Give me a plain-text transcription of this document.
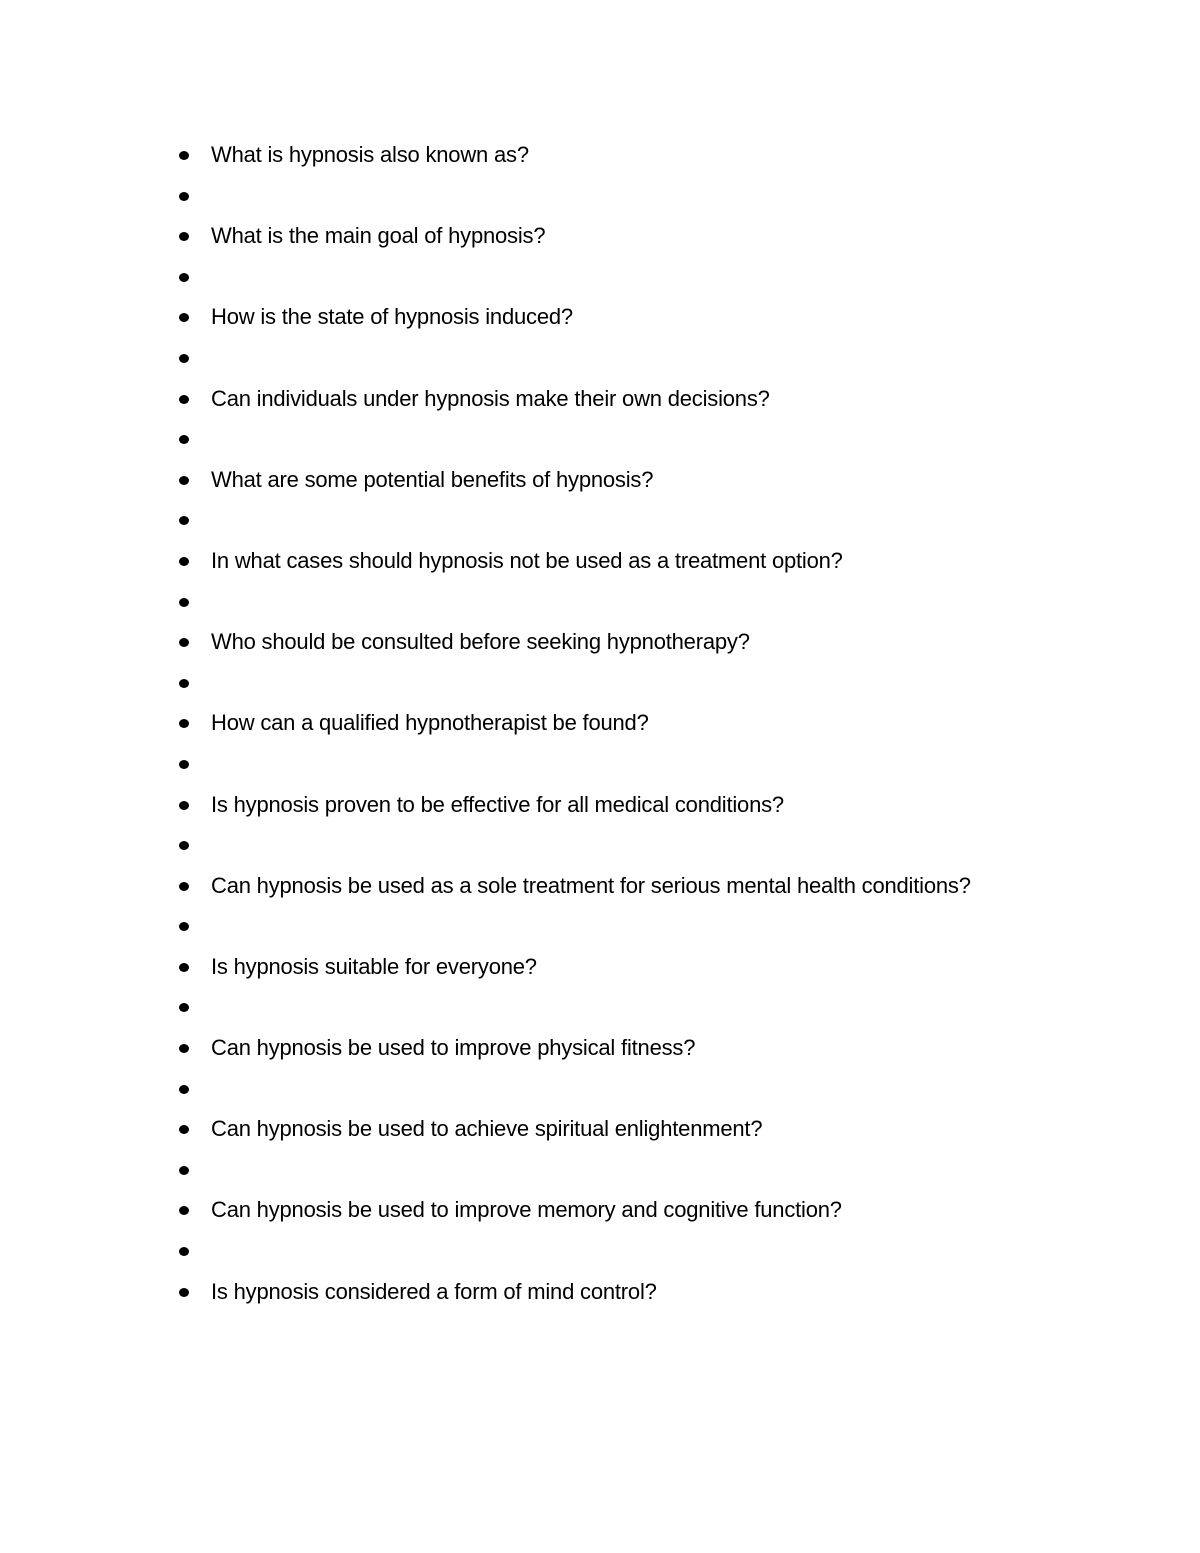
What is hypnosis also known as?
What is the main goal of hypnosis?
How is the state of hypnosis induced?
Can individuals under hypnosis make their own decisions?
What are some potential benefits of hypnosis?
In what cases should hypnosis not be used as a treatment option?
Who should be consulted before seeking hypnotherapy?
How can a qualified hypnotherapist be found?
Is hypnosis proven to be effective for all medical conditions?
Can hypnosis be used as a sole treatment for serious mental health conditions?
Is hypnosis suitable for everyone?
Can hypnosis be used to improve physical fitness?
Can hypnosis be used to achieve spiritual enlightenment?
Can hypnosis be used to improve memory and cognitive function?
Is hypnosis considered a form of mind control?
